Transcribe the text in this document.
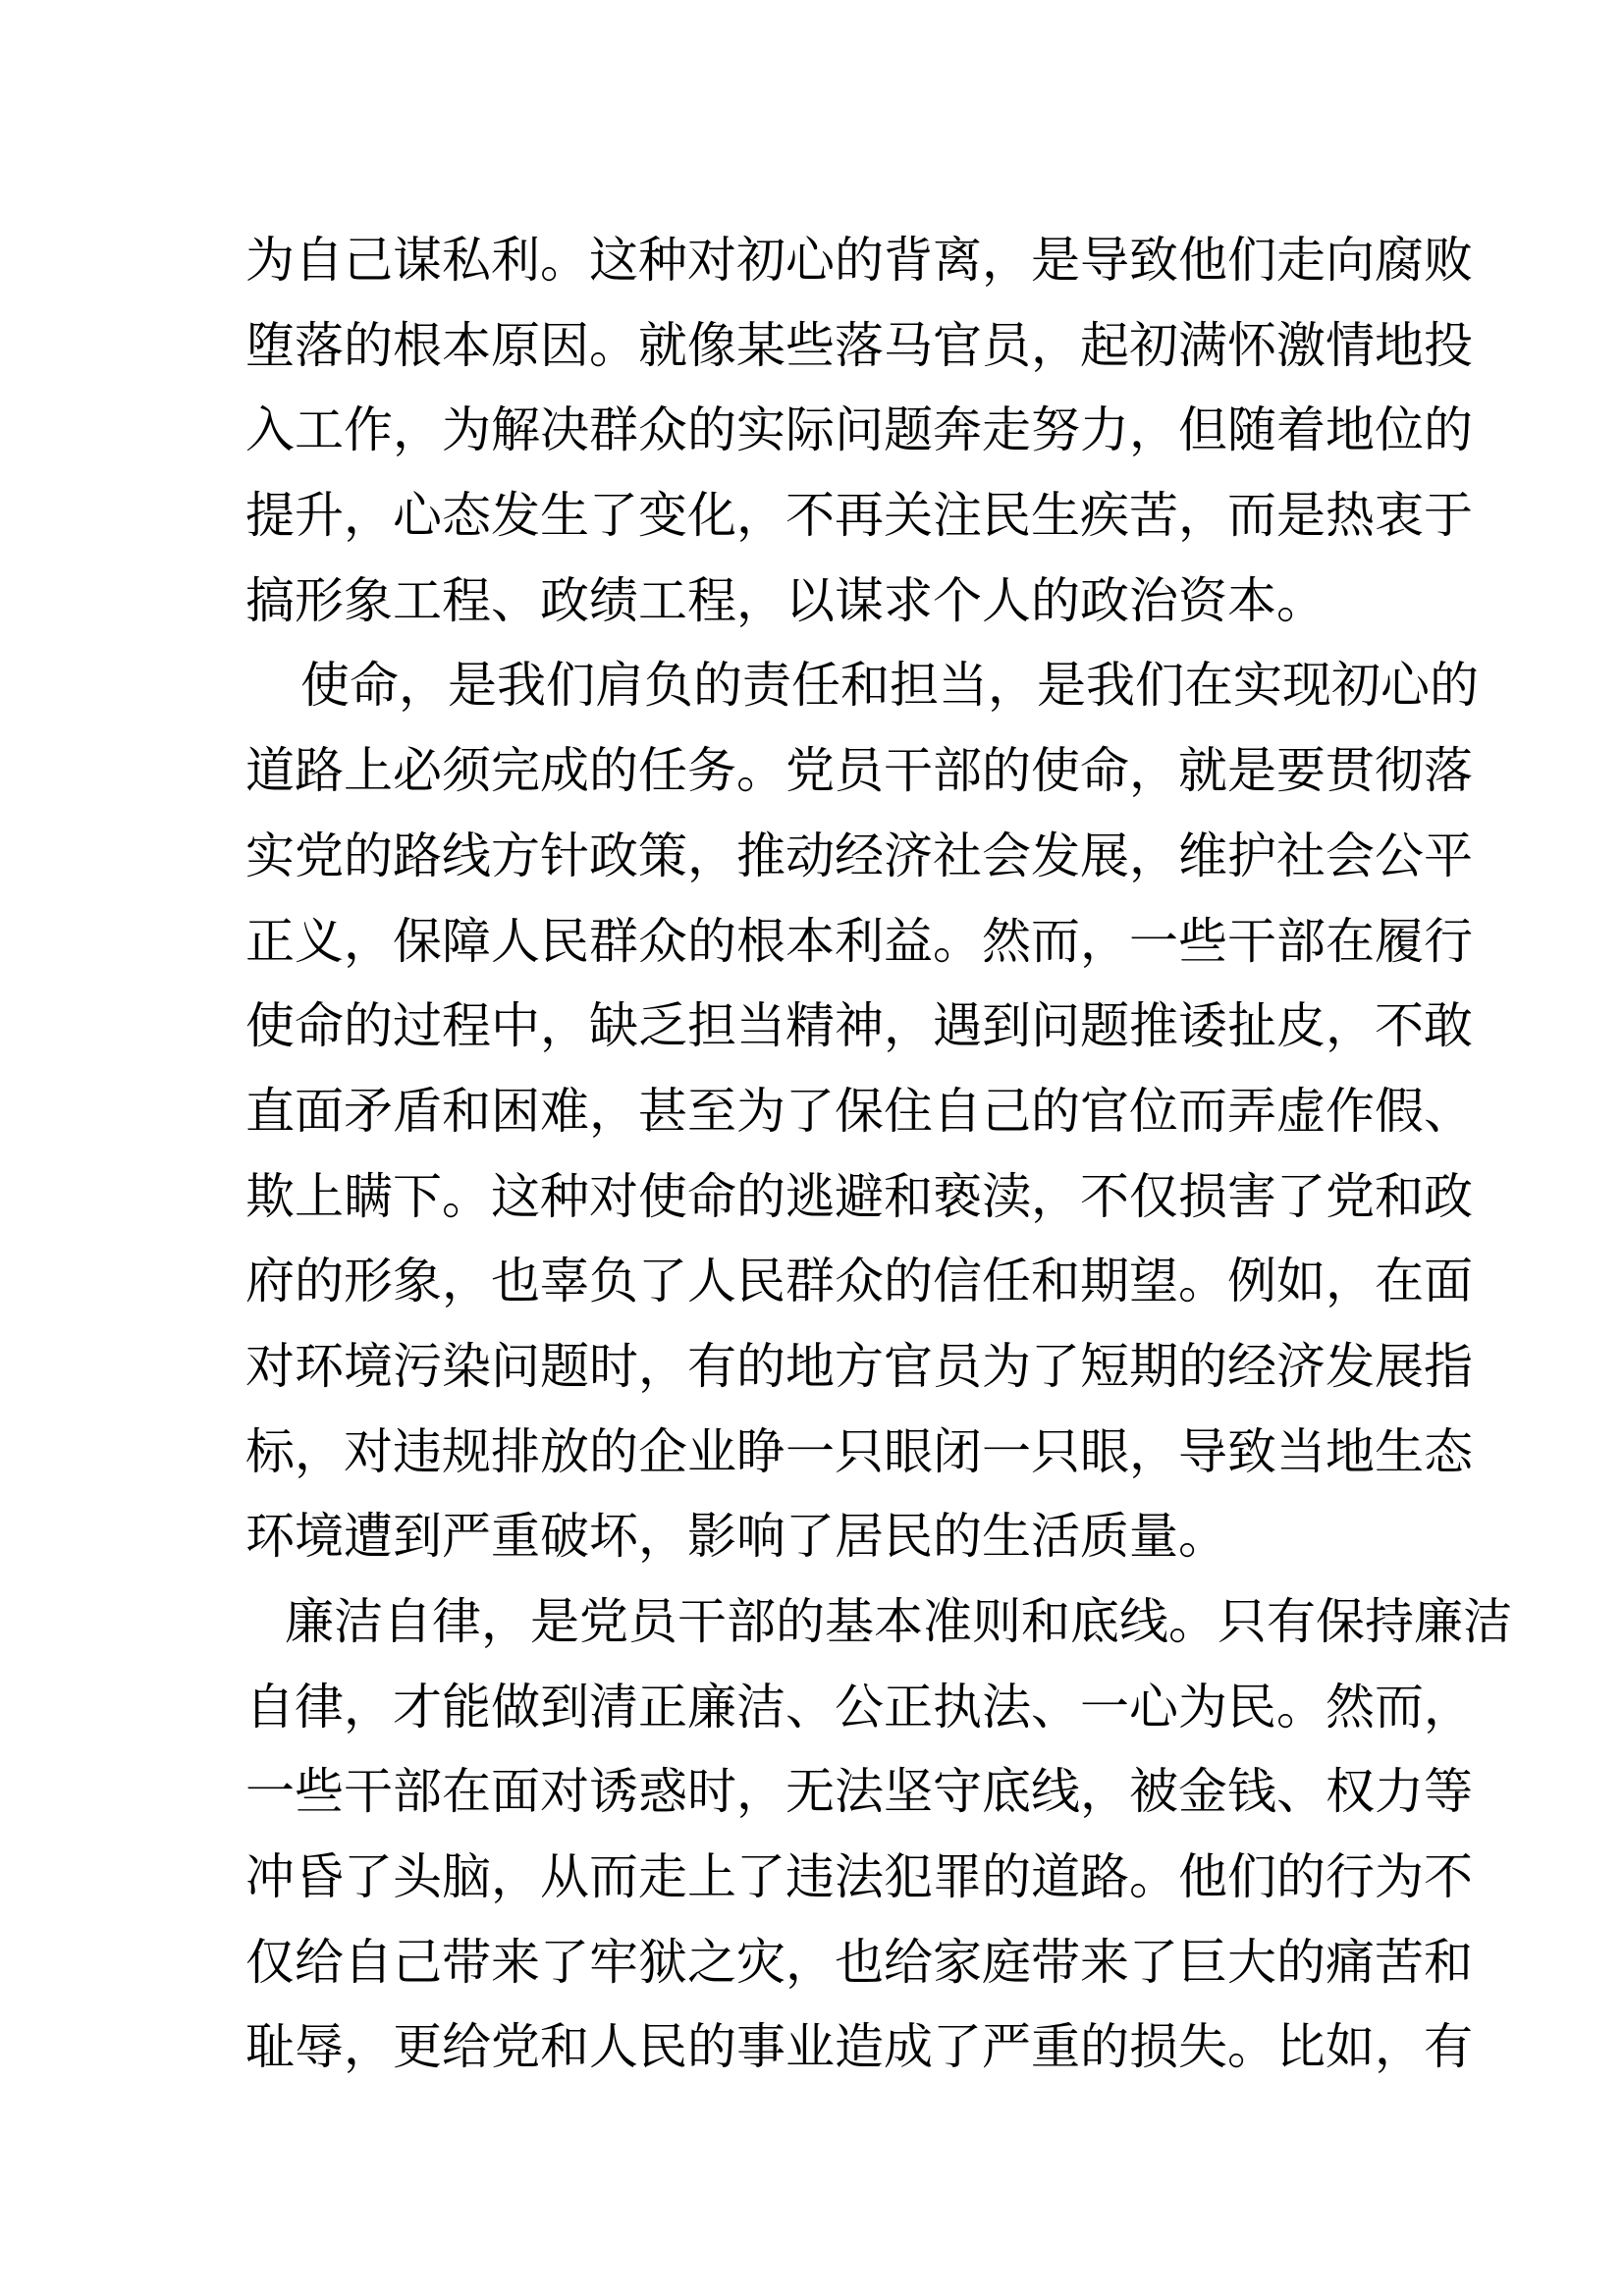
为自己谋私利。这种对初心的背离，是导致他们走向腐败
堕落的根本原因。就像某些落马官员，起初满怀激情地投
入工作，为解决群众的实际问题奔走努力，但随着地位的
提升，心态发生了变化，不再关注民生疾苦，而是热衷于
搞形象工程、政绩工程，以谋求个人的政治资本。

使命，是我们肩负的责任和担当，是我们在实现初心的
道路上必须完成的任务。党员干部的使命，就是要贯彻落
实党的路线方针政策，推动经济社会发展，维护社会公平
正义，保障人民群众的根本利益。然而，一些干部在履行
使命的过程中，缺乏担当精神，遇到问题推诿扯皮，不敢
直面矛盾和困难，甚至为了保住自己的官位而弄虚作假、
欺上瞒下。这种对使命的逃避和亵渎，不仅损害了党和政
府的形象，也辜负了人民群众的信任和期望。例如，在面
对环境污染问题时，有的地方官员为了短期的经济发展指
标，对违规排放的企业睁一只眼闭一只眼，导致当地生态
环境遭到严重破坏，影响了居民的生活质量。

廉洁自律，是党员干部的基本准则和底线。只有保持廉洁
自律，才能做到清正廉洁、公正执法、一心为民。然而，
一些干部在面对诱惑时，无法坚守底线，被金钱、权力等
冲昏了头脑，从而走上了违法犯罪的道路。他们的行为不
仅给自己带来了牢狱之灾，也给家庭带来了巨大的痛苦和
耻辱，更给党和人民的事业造成了严重的损失。比如，有
